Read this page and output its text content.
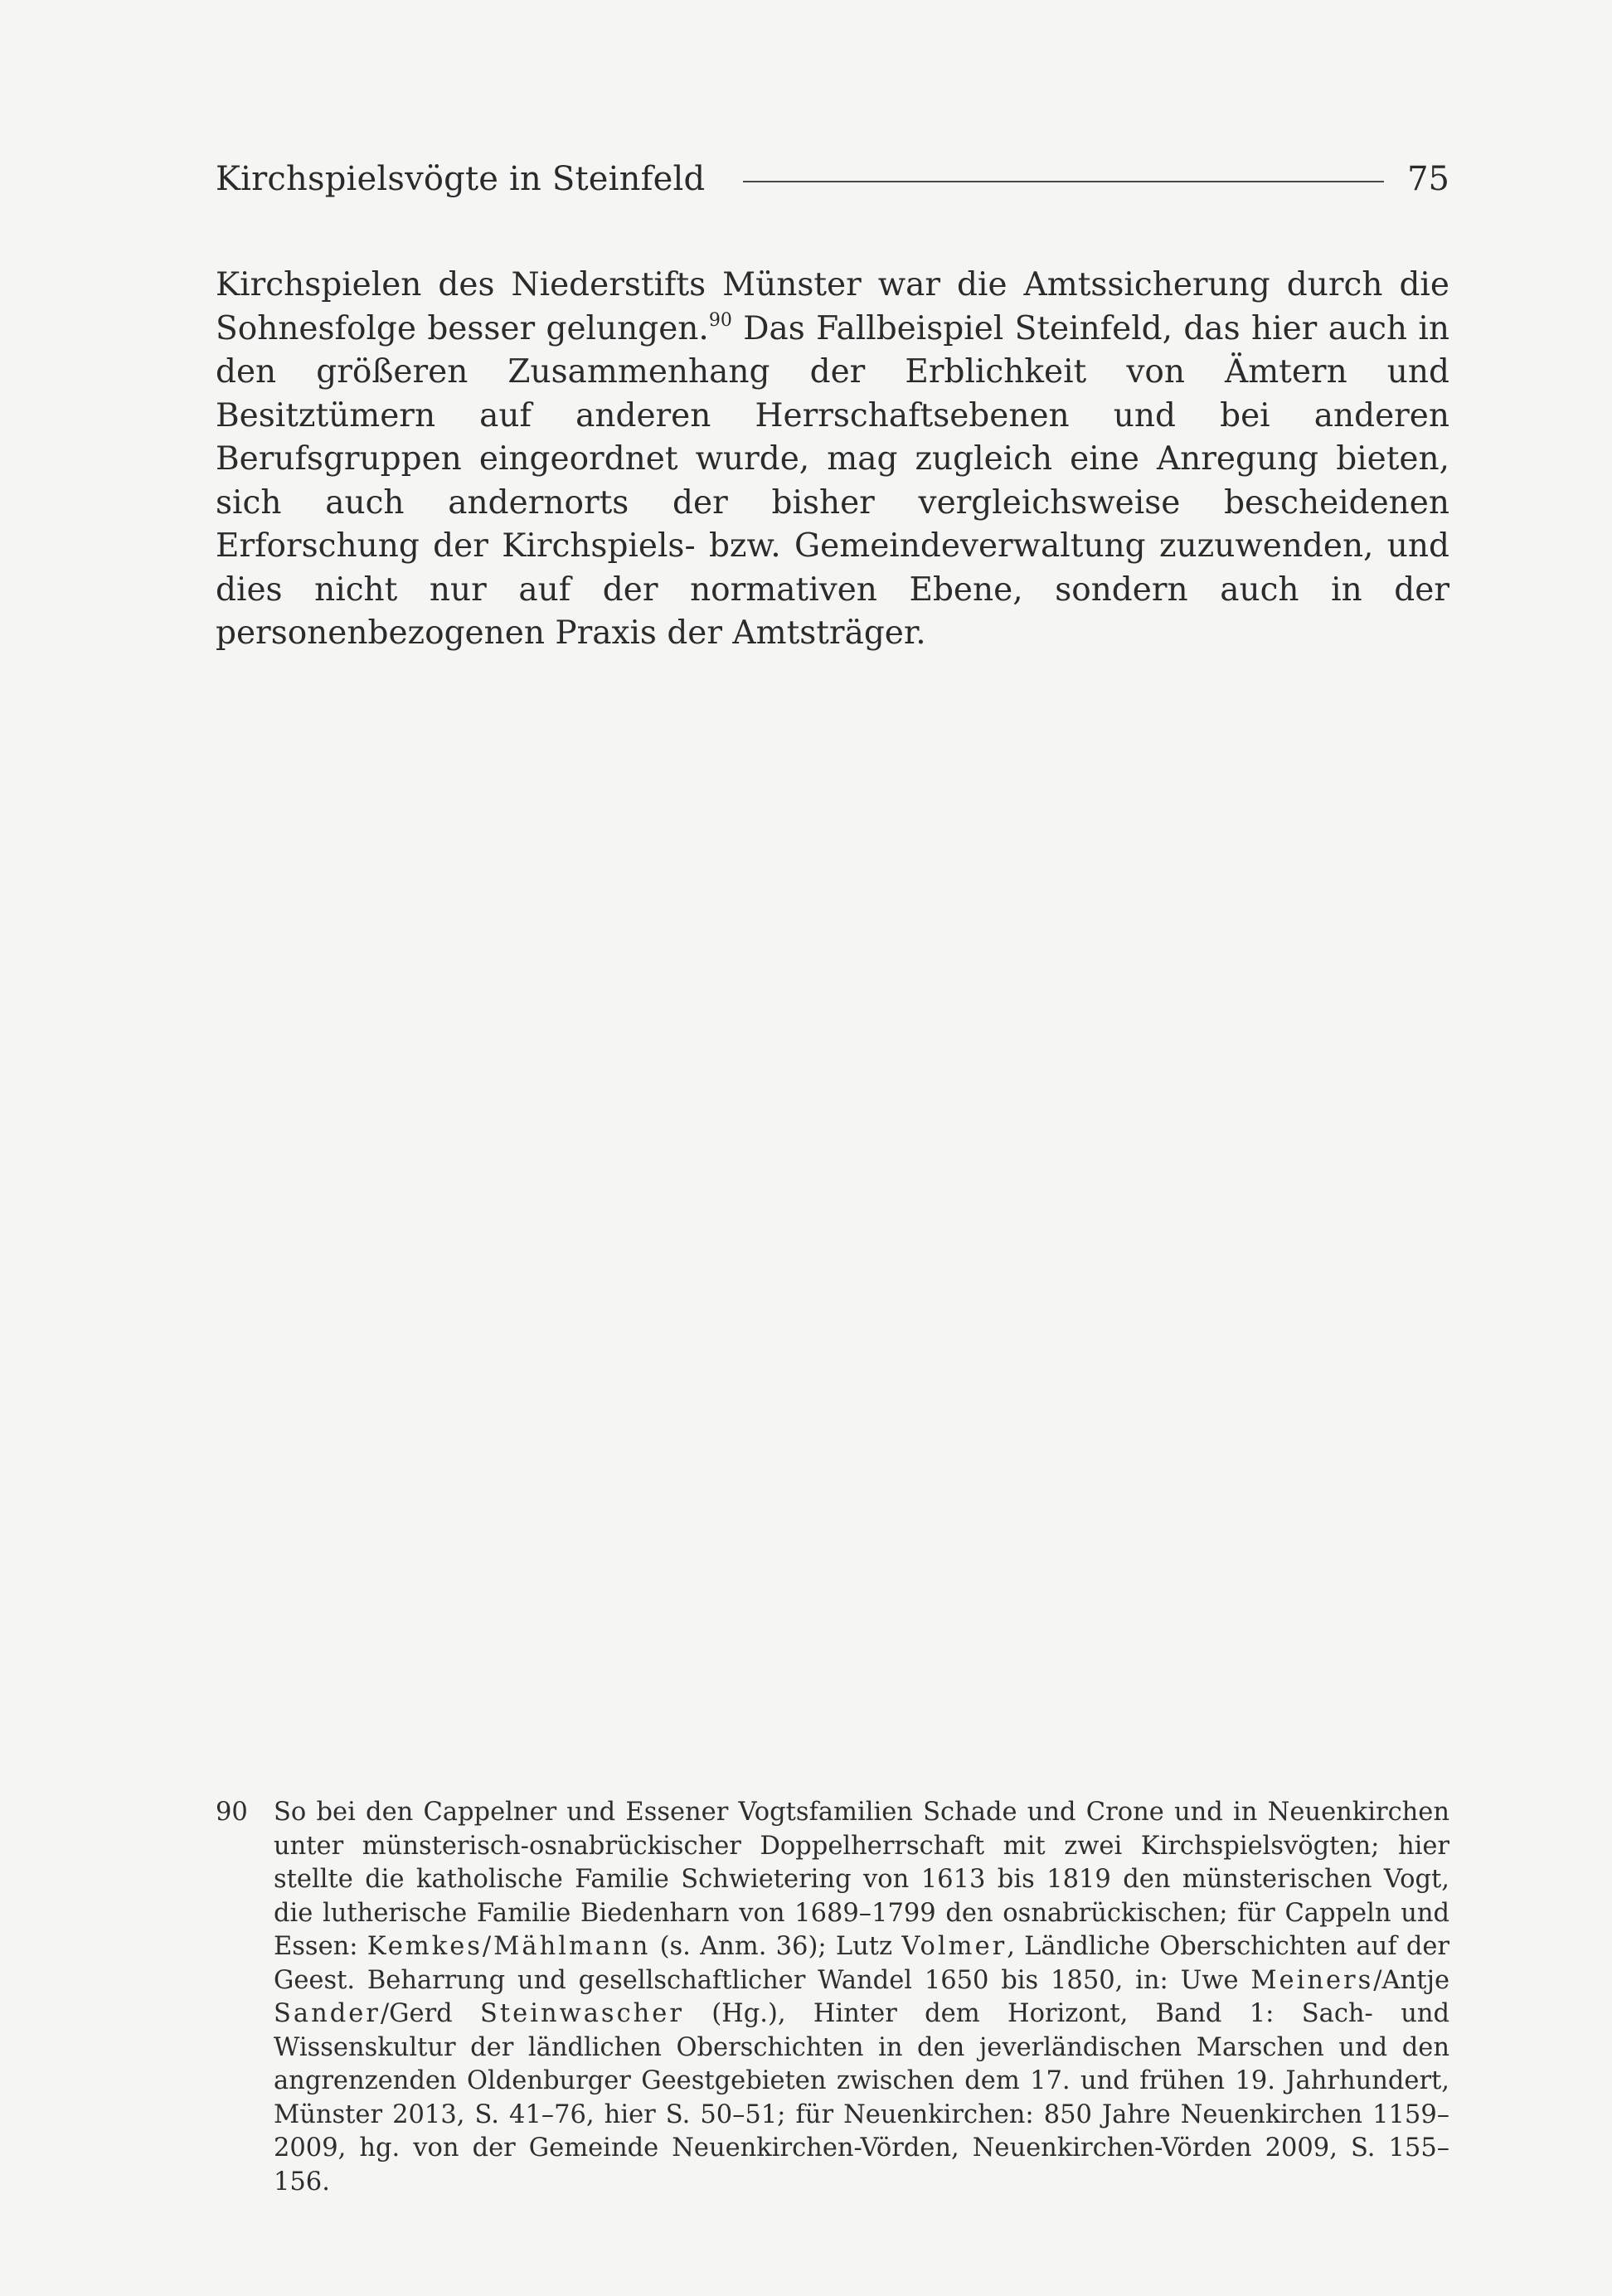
Kirchspielsvögte in Steinfeld	75

Kirchspielen des Niederstifts Münster war die Amtssicherung durch die Sohnesfolge besser gelungen.$^{90}$ Das Fallbeispiel Steinfeld, das hier auch in den größeren Zusammenhang der Erblichkeit von Ämtern und Besitztümern auf anderen Herrschaftsebenen und bei anderen Berufsgruppen eingeordnet wurde, mag zugleich eine Anregung bieten, sich auch andernorts der bisher vergleichsweise bescheidenen Erforschung der Kirchspiels- bzw. Gemeindeverwaltung zuzuwenden, und dies nicht nur auf der normativen Ebene, sondern auch in der personenbezogenen Praxis der Amtsträger.

90	So bei den Cappelner und Essener Vogtsfamilien Schade und Crone und in Neuenkirchen unter münsterisch-osnabrückischer Doppelherrschaft mit zwei Kirchspielsvögten; hier stellte die katholische Familie Schwietering von 1613 bis 1819 den münsterischen Vogt, die lutherische Familie Biedenharn von 1689–1799 den osnabrückischen; für Cappeln und Essen: Kemkes/Mählmann (s. Anm. 36); Lutz Volmer, Ländliche Oberschichten auf der Geest. Beharrung und gesellschaftlicher Wandel 1650 bis 1850, in: Uwe Meiners/Antje Sander/Gerd Steinwascher (Hg.), Hinter dem Horizont, Band 1: Sach- und Wissenskultur der ländlichen Oberschichten in den jeverländischen Marschen und den angrenzenden Oldenburger Geestgebieten zwischen dem 17. und frühen 19. Jahrhundert, Münster 2013, S. 41–76, hier S. 50–51; für Neuenkirchen: 850 Jahre Neuenkirchen 1159–2009, hg. von der Gemeinde Neuenkirchen-Vörden, Neuenkirchen-Vörden 2009, S. 155–156.
